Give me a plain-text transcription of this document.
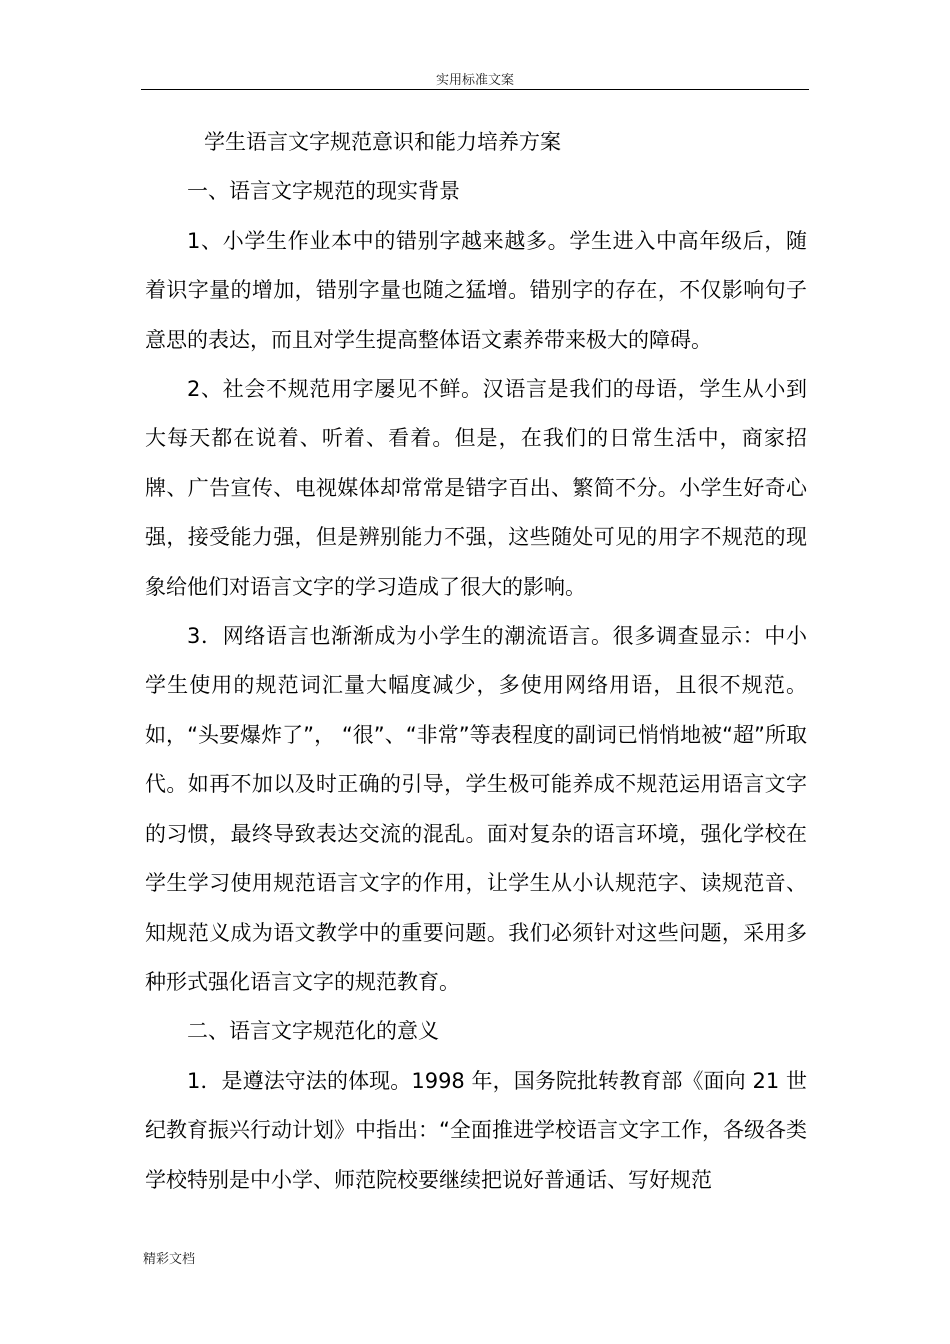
实用标准文案

学生语言文字规范意识和能力培养方案

一、语言文字规范的现实背景

1、小学生作业本中的错别字越来越多。学生进入中高年级后，随着识字量的增加，错别字量也随之猛增。错别字的存在，不仅影响句子意思的表达，而且对学生提高整体语文素养带来极大的障碍。

2、社会不规范用字屡见不鲜。汉语言是我们的母语，学生从小到大每天都在说着、听着、看着。但是，在我们的日常生活中，商家招牌、广告宣传、电视媒体却常常是错字百出、繁简不分。小学生好奇心强，接受能力强，但是辨别能力不强，这些随处可见的用字不规范的现象给他们对语言文字的学习造成了很大的影响。

3．网络语言也渐渐成为小学生的潮流语言。很多调查显示：中小学生使用的规范词汇量大幅度减少，多使用网络用语，且很不规范。如，“头要爆炸了”， “很”、“非常”等表程度的副词已悄悄地被“超”所取代。如再不加以及时正确的引导，学生极可能养成不规范运用语言文字的习惯，最终导致表达交流的混乱。面对复杂的语言环境，强化学校在学生学习使用规范语言文字的作用，让学生从小认规范字、读规范音、知规范义成为语文教学中的重要问题。我们必须针对这些问题，采用多种形式强化语言文字的规范教育。

二、语言文字规范化的意义

1．是遵法守法的体现。1998 年，国务院批转教育部《面向 21 世纪教育振兴行动计划》中指出：“全面推进学校语言文字工作，各级各类学校特别是中小学、师范院校要继续把说好普通话、写好规范

精彩文档
